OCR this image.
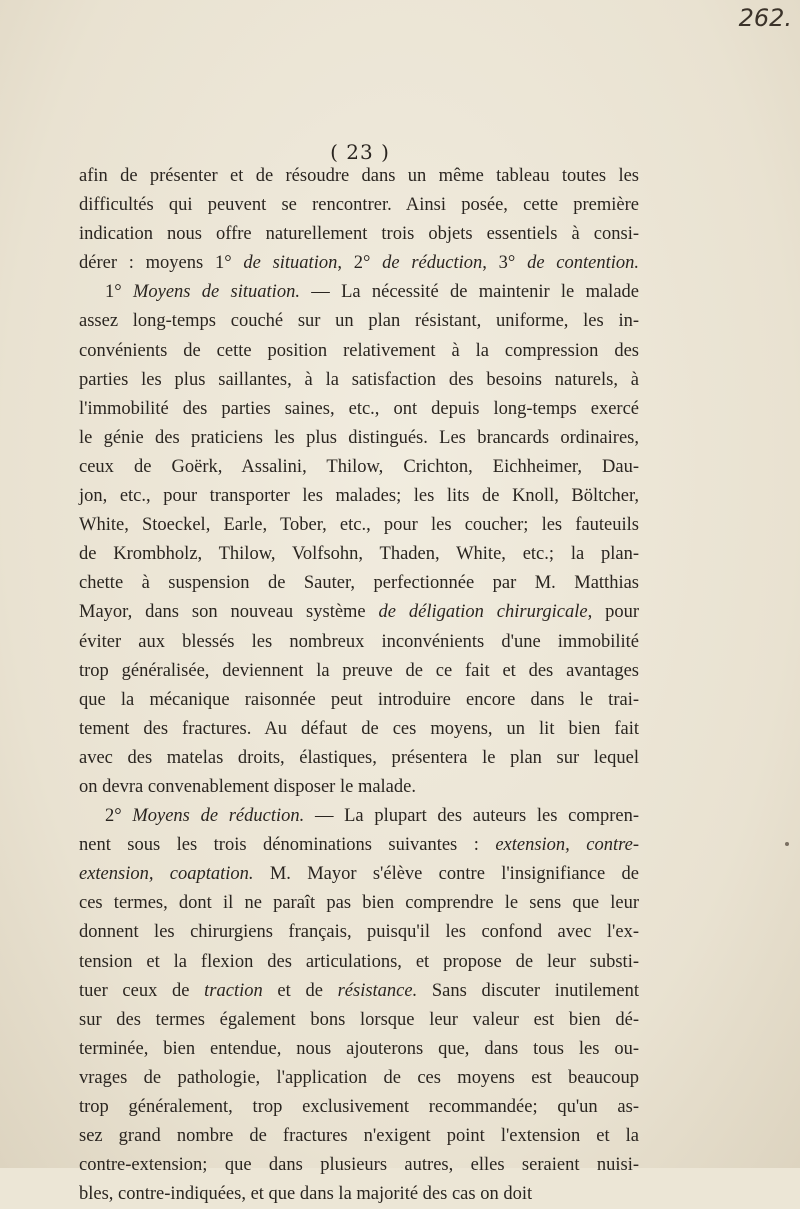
262.
( 23 )
afin de présenter et de résoudre dans un même tableau toutes les
difficultés qui peuvent se rencontrer. Ainsi posée, cette première
indication nous offre naturellement trois objets essentiels à consi-
dérer : moyens 1° de situation, 2° de réduction, 3° de contention.
1° Moyens de situation. — La nécessité de maintenir le malade
assez long-temps couché sur un plan résistant, uniforme, les in-
convénients de cette position relativement à la compression des
parties les plus saillantes, à la satisfaction des besoins naturels, à
l'immobilité des parties saines, etc., ont depuis long-temps exercé
le génie des praticiens les plus distingués. Les brancards ordinaires,
ceux de Goërk, Assalini, Thilow, Crichton, Eichheimer, Dau-
jon, etc., pour transporter les malades; les lits de Knoll, Böltcher,
White, Stoeckel, Earle, Tober, etc., pour les coucher; les fauteuils
de Krombholz, Thilow, Volfsohn, Thaden, White, etc.; la plan-
chette à suspension de Sauter, perfectionnée par M. Matthias
Mayor, dans son nouveau système de déligation chirurgicale, pour
éviter aux blessés les nombreux inconvénients d'une immobilité
trop généralisée, deviennent la preuve de ce fait et des avantages
que la mécanique raisonnée peut introduire encore dans le trai-
tement des fractures. Au défaut de ces moyens, un lit bien fait
avec des matelas droits, élastiques, présentera le plan sur lequel
on devra convenablement disposer le malade.
2° Moyens de réduction. — La plupart des auteurs les compren-
nent sous les trois dénominations suivantes : extension, contre-
extension, coaptation. M. Mayor s'élève contre l'insignifiance de
ces termes, dont il ne paraît pas bien comprendre le sens que leur
donnent les chirurgiens français, puisqu'il les confond avec l'ex-
tension et la flexion des articulations, et propose de leur substi-
tuer ceux de traction et de résistance. Sans discuter inutilement
sur des termes également bons lorsque leur valeur est bien dé-
terminée, bien entendue, nous ajouterons que, dans tous les ou-
vrages de pathologie, l'application de ces moyens est beaucoup
trop généralement, trop exclusivement recommandée; qu'un as-
sez grand nombre de fractures n'exigent point l'extension et la
contre-extension; que dans plusieurs autres, elles seraient nuisi-
bles, contre-indiquées, et que dans la majorité des cas on doit
